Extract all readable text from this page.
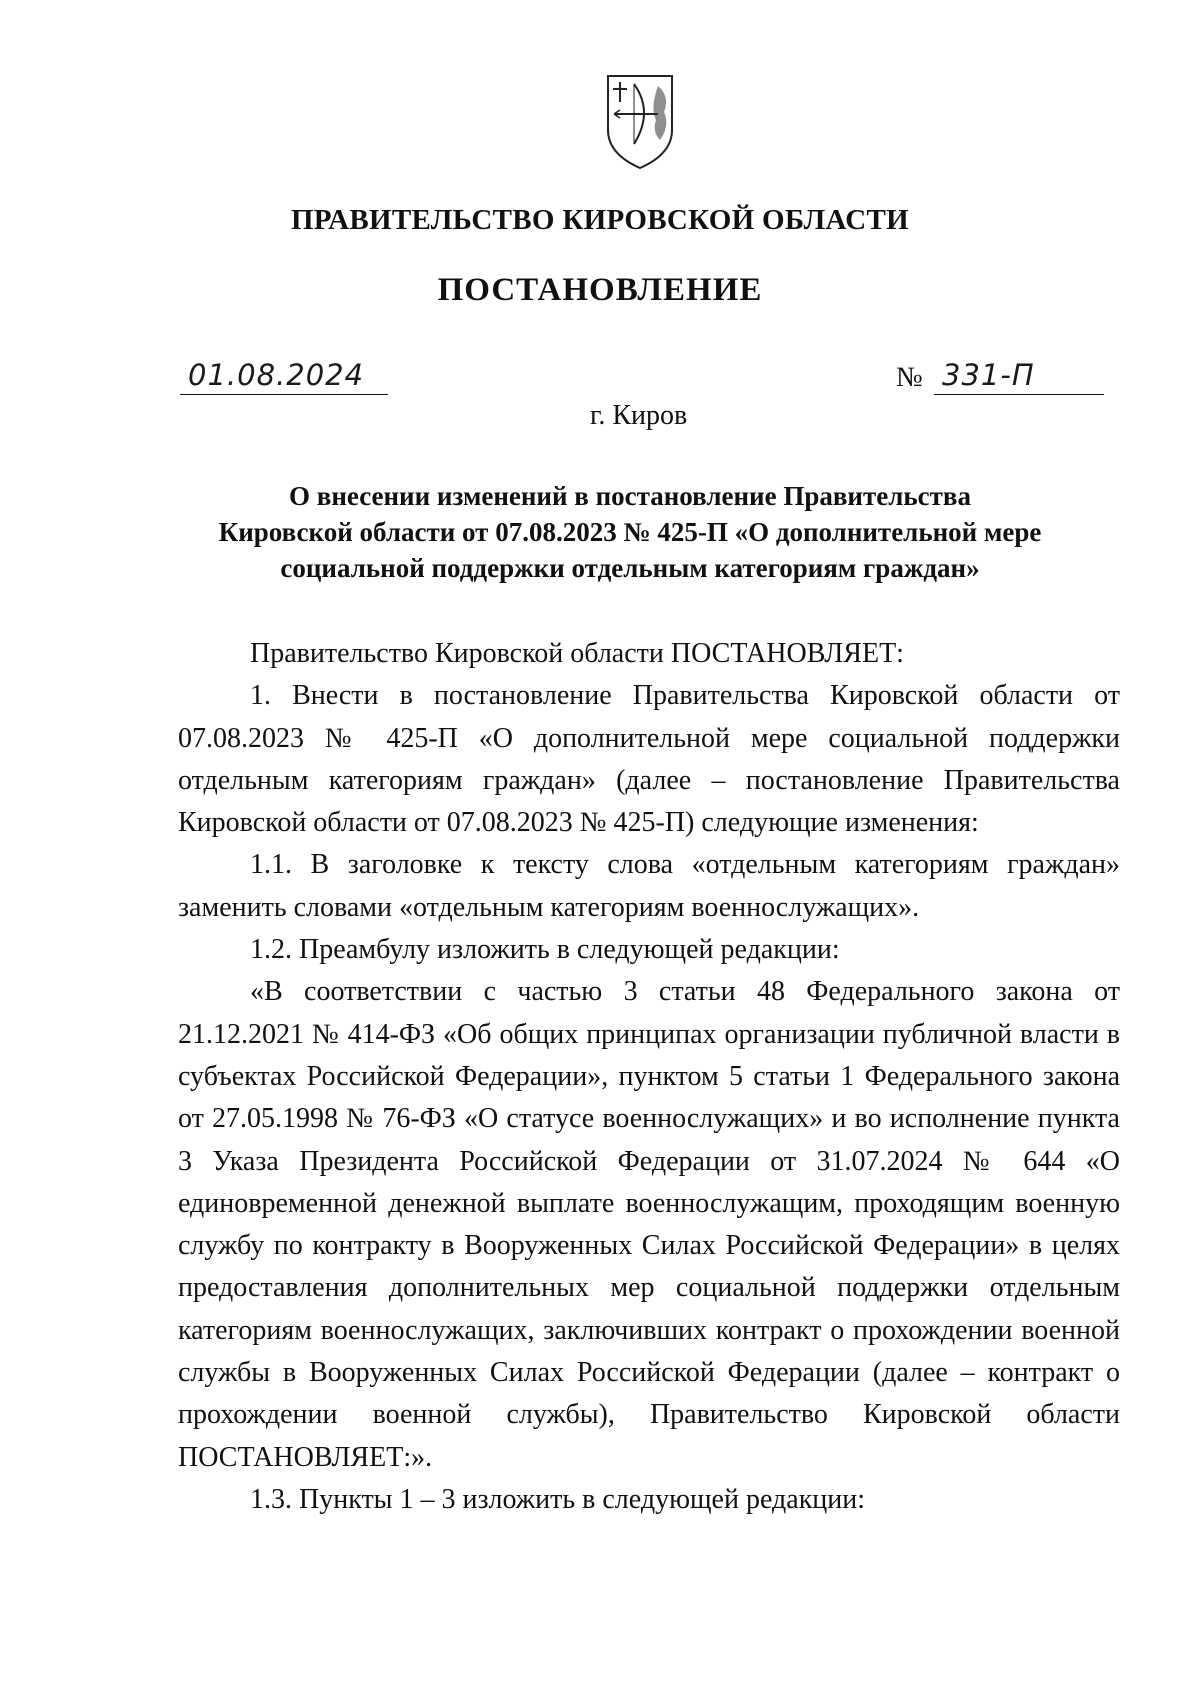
ПРАВИТЕЛЬСТВО КИРОВСКОЙ ОБЛАСТИ
ПОСТАНОВЛЕНИЕ
01.08.2024	№ 331-П
г. Киров
О внесении изменений в постановление Правительства
Кировской области от 07.08.2023 № 425-П «О дополнительной мере
социальной поддержки отдельным категориям граждан»

Правительство Кировской области ПОСТАНОВЛЯЕТ:

1. Внести в постановление Правительства Кировской области от 07.08.2023 № 425-П «О дополнительной мере социальной поддержки отдельным категориям граждан» (далее – постановление Правительства Кировской области от 07.08.2023 № 425-П) следующие изменения:

1.1. В заголовке к тексту слова «отдельным категориям граждан» заменить словами «отдельным категориям военнослужащих».

1.2. Преамбулу изложить в следующей редакции:

«В соответствии с частью 3 статьи 48 Федерального закона от 21.12.2021 № 414-ФЗ «Об общих принципах организации публичной власти в субъектах Российской Федерации», пунктом 5 статьи 1 Федерального закона от 27.05.1998 № 76-ФЗ «О статусе военнослужащих» и во исполнение пункта 3 Указа Президента Российской Федерации от 31.07.2024 № 644 «О единовременной денежной выплате военнослужащим, проходящим военную службу по контракту в Вооруженных Силах Российской Федерации» в целях предоставления дополнительных мер социальной поддержки отдельным категориям военнослужащих, заключивших контракт о прохождении военной службы в Вооруженных Силах Российской Федерации (далее – контракт о прохождении военной службы), Правительство Кировской области ПОСТАНОВЛЯЕТ:».

1.3. Пункты 1 – 3 изложить в следующей редакции:
